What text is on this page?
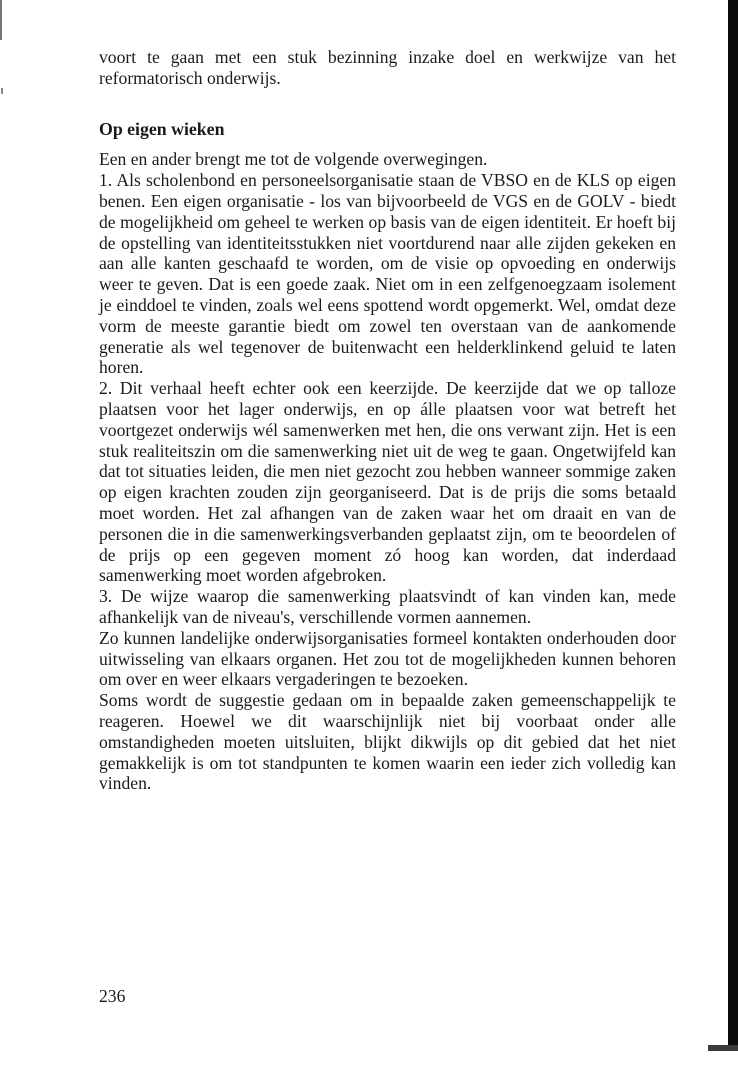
voort te gaan met een stuk bezinning inzake doel en werkwijze van het reformatorisch onderwijs.

Op eigen wieken

Een en ander brengt me tot de volgende overwegingen.

1. Als scholenbond en personeelsorganisatie staan de VBSO en de KLS op eigen benen. Een eigen organisatie - los van bijvoorbeeld de VGS en de GOLV - biedt de mogelijkheid om geheel te werken op basis van de eigen identiteit. Er hoeft bij de opstelling van identiteitsstukken niet voortdurend naar alle zijden gekeken en aan alle kanten geschaafd te worden, om de visie op opvoeding en onderwijs weer te geven. Dat is een goede zaak. Niet om in een zelfgenoegzaam isolement je einddoel te vinden, zoals wel eens spottend wordt opgemerkt. Wel, omdat deze vorm de meeste garantie biedt om zowel ten overstaan van de aankomende generatie als wel tegenover de buitenwacht een helderklinkend geluid te laten horen.

2. Dit verhaal heeft echter ook een keerzijde. De keerzijde dat we op talloze plaatsen voor het lager onderwijs, en op álle plaatsen voor wat betreft het voortgezet onderwijs wél samenwerken met hen, die ons verwant zijn. Het is een stuk realiteitszin om die samenwerking niet uit de weg te gaan. Ongetwijfeld kan dat tot situaties leiden, die men niet gezocht zou hebben wanneer sommige zaken op eigen krachten zouden zijn georganiseerd. Dat is de prijs die soms betaald moet worden. Het zal afhangen van de zaken waar het om draait en van de personen die in die samenwerkingsverbanden geplaatst zijn, om te beoordelen of de prijs op een gegeven moment zó hoog kan worden, dat inderdaad samenwerking moet worden afgebroken.

3. De wijze waarop die samenwerking plaatsvindt of kan vinden kan, mede afhankelijk van de niveau's, verschillende vormen aannemen.

Zo kunnen landelijke onderwijsorganisaties formeel kontakten onderhouden door uitwisseling van elkaars organen. Het zou tot de mogelijkheden kunnen behoren om over en weer elkaars vergaderingen te bezoeken.

Soms wordt de suggestie gedaan om in bepaalde zaken gemeenschappelijk te reageren. Hoewel we dit waarschijnlijk niet bij voorbaat onder alle omstandigheden moeten uitsluiten, blijkt dikwijls op dit gebied dat het niet gemakkelijk is om tot standpunten te komen waarin een ieder zich volledig kan vinden.

236
